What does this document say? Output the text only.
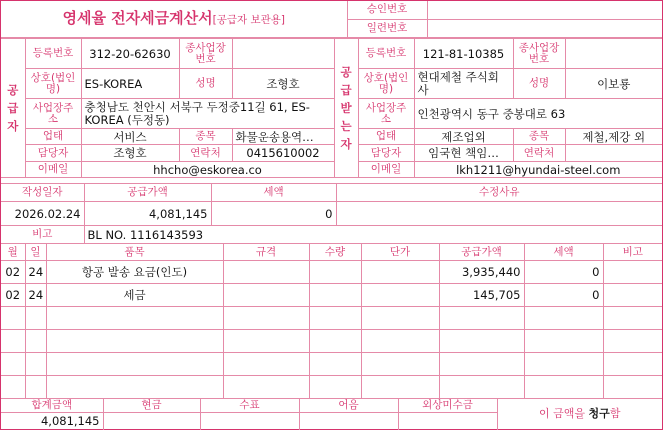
영세율 전자세금계산서[공급자 보관용]	승인번호	
	일련번호	
공급자	등록번호	312-20-62630	종사업장번호		공급받는자	등록번호	121-81-10385	종사업장번호	
	상호(법인명)	ES-KOREA	성명	조형호		상호(법인명)	현대제철 주식회사	성명	이보룡
	사업장주소	충청남도 천안시 서북구 두정중11길 61, ES-KOREA (두정동)				사업장주소	인천광역시 동구 중봉대로 63		
	업태	서비스	종목	화물운송용역…		업태	제조업외	종목	제철,제강 외
	담당자	조형호	연락처	0415610002		담당자	임국현 책임…	연락처	
	이메일	hhcho@eskorea.co				이메일	lkh1211@hyundai-steel.com		
작성일자	공급가액	세액	수정사유
2026.02.24	4,081,145	0	
비고	BL NO. 1116143593		
월	일	품목	규격	수량	단가	공급가액	세액	비고
02	24	항공 발송 요금(인도)				3,935,440	0	
02	24	세금				145,705	0	

합계금액	현금	수표	어음	외상미수금	이 금액을 청구함
4,081,145					
